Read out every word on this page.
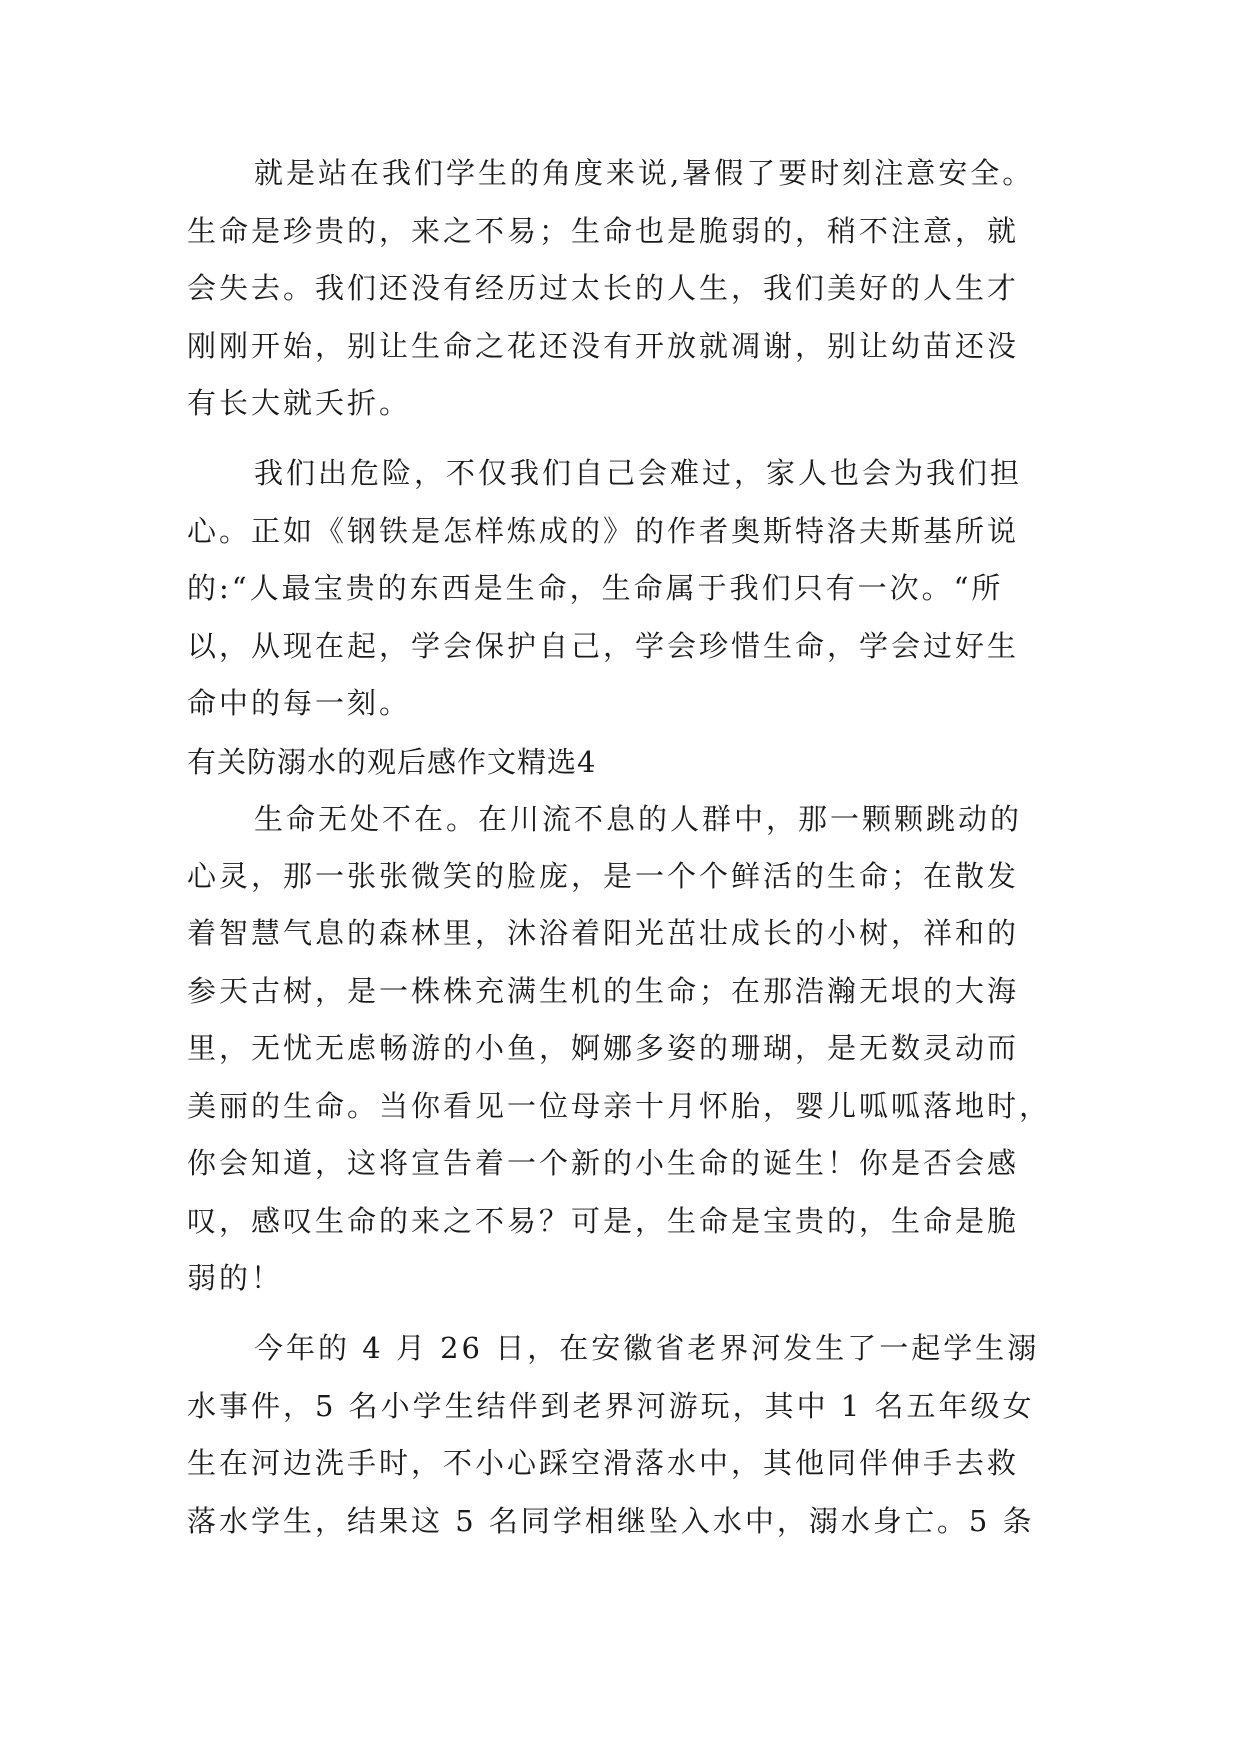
就是站在我们学生的角度来说,暑假了要时刻注意安全。
生命是珍贵的，来之不易；生命也是脆弱的，稍不注意，就
会失去。我们还没有经历过太长的人生，我们美好的人生才
刚刚开始，别让生命之花还没有开放就凋谢，别让幼苗还没
有长大就夭折。
我们出危险，不仅我们自己会难过，家人也会为我们担
心。正如《钢铁是怎样炼成的》的作者奥斯特洛夫斯基所说
的:“人最宝贵的东西是生命，生命属于我们只有一次。“所
以，从现在起，学会保护自己，学会珍惜生命，学会过好生
命中的每一刻。
有关防溺水的观后感作文精选4
生命无处不在。在川流不息的人群中，那一颗颗跳动的
心灵，那一张张微笑的脸庞，是一个个鲜活的生命；在散发
着智慧气息的森林里，沐浴着阳光茁壮成长的小树，祥和的
参天古树，是一株株充满生机的生命；在那浩瀚无垠的大海
里，无忧无虑畅游的小鱼，婀娜多姿的珊瑚，是无数灵动而
美丽的生命。当你看见一位母亲十月怀胎，婴儿呱呱落地时，
你会知道，这将宣告着一个新的小生命的诞生！你是否会感
叹，感叹生命的来之不易？可是，生命是宝贵的，生命是脆
弱的！
今年的 4 月 26 日，在安徽省老界河发生了一起学生溺
水事件，5 名小学生结伴到老界河游玩，其中 1 名五年级女
生在河边洗手时，不小心踩空滑落水中，其他同伴伸手去救
落水学生，结果这 5 名同学相继坠入水中，溺水身亡。5 条
